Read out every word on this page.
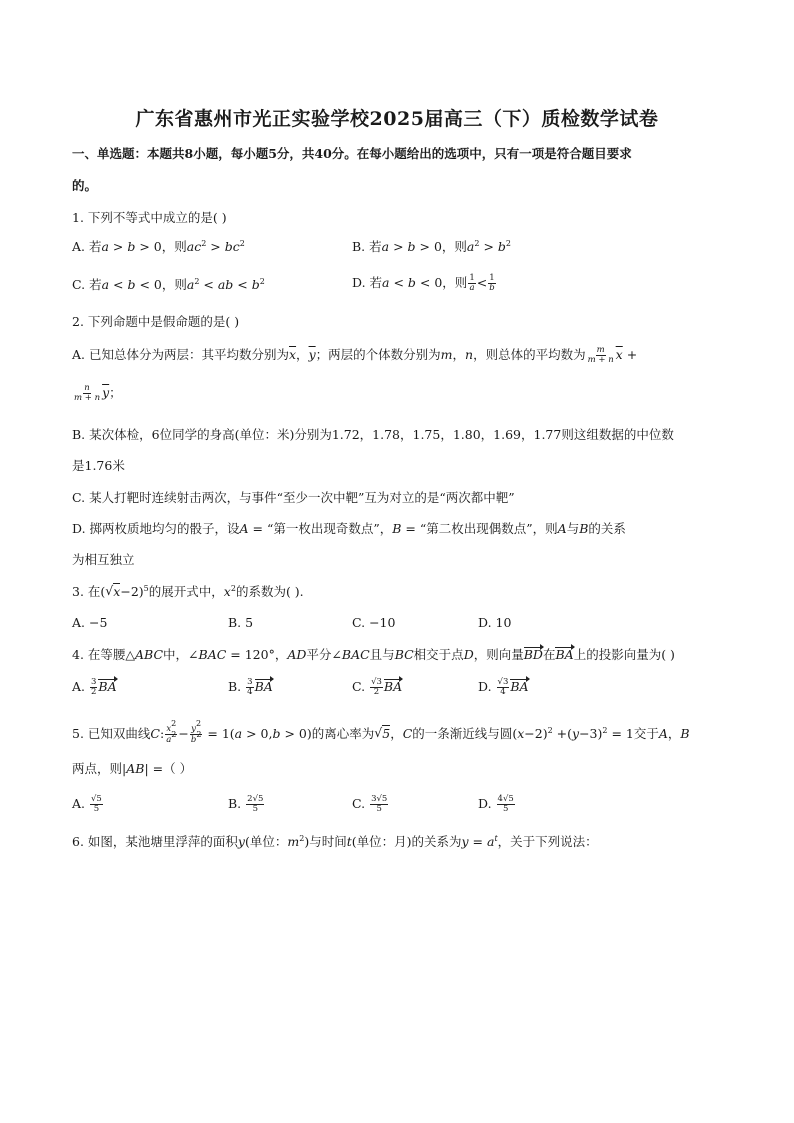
广东省惠州市光正实验学校2025届高三（下）质检数学试卷
一、单选题：本题共8小题，每小题5分，共40分。在每小题给出的选项中，只有一项是符合题目要求
的。
1. 下列不等式中成立的是( )
A. 若a > b > 0，则$ac^2 > bc^2$	B. 若a > b > 0，则$a^2 > b^2$
C. 若a < b < 0，则$a^2$ < ab < $b^2$	D. 若a < b < 0，则 $\frac{1}{a} < \frac{1}{b}$
2. 下列命题中是假命题的是( )
A. 已知总体分为两层：其平均数分别为$\overline{x}$，$\overline{y}$；两层的个体数分别为m，n，则总体的平均数为 $\frac{m}{m + n} \overline{x}$ +
$\frac{n}{m + n} \overline{y}$；
B. 某次体检，6位同学的身高(单位：米)分别为1.72，1.78，1.75，1.80，1.69，1.77则这组数据的中位数
是1.76米
C. 某人打靶时连续射击两次，与事件“至少一次中靶”互为对立的是“两次都中靶”
D. 掷两枚质地均匀的骰子，设A = “第一枚出现奇数点”，B = “第二枚出现偶数点”，则A与B的关系
为相互独立
3. 在( √ x−2)$^5$的展开式中，$x^2$的系数为( ).
A. −5	B. 5	C. −10	D. 10
4. 在等腰△ABC中，∠BAC = 120°，AD平分∠BAC且与BC相交于点D，则向量BD在BA上的投影向量为( )
A. $\frac{3}{2}$ BA	B. $\frac{3}{4}$ BA	C. $\frac{√3}{2}$ BA	D. $\frac{√3}{4}$ BA
5. 已知双曲线C: $\frac{x^2}{a^2} - \frac{y^2}{b^2} = 1(a > 0,b > 0)$的离心率为 √ 5，C的一条渐近线与圆$(x-2)^2 +(y-3)^2 = 1$交于A，B
两点，则|AB| =（ ）
A. $\frac{√5}{5}$	B. $\frac{2√5}{5}$	C. $\frac{3√5}{5}$	D. $\frac{4√5}{5}$
6. 如图，某池塘里浮萍的面积y(单位：$m^2$)与时间t(单位：月)的关系为$y = a^t$，关于下列说法：
